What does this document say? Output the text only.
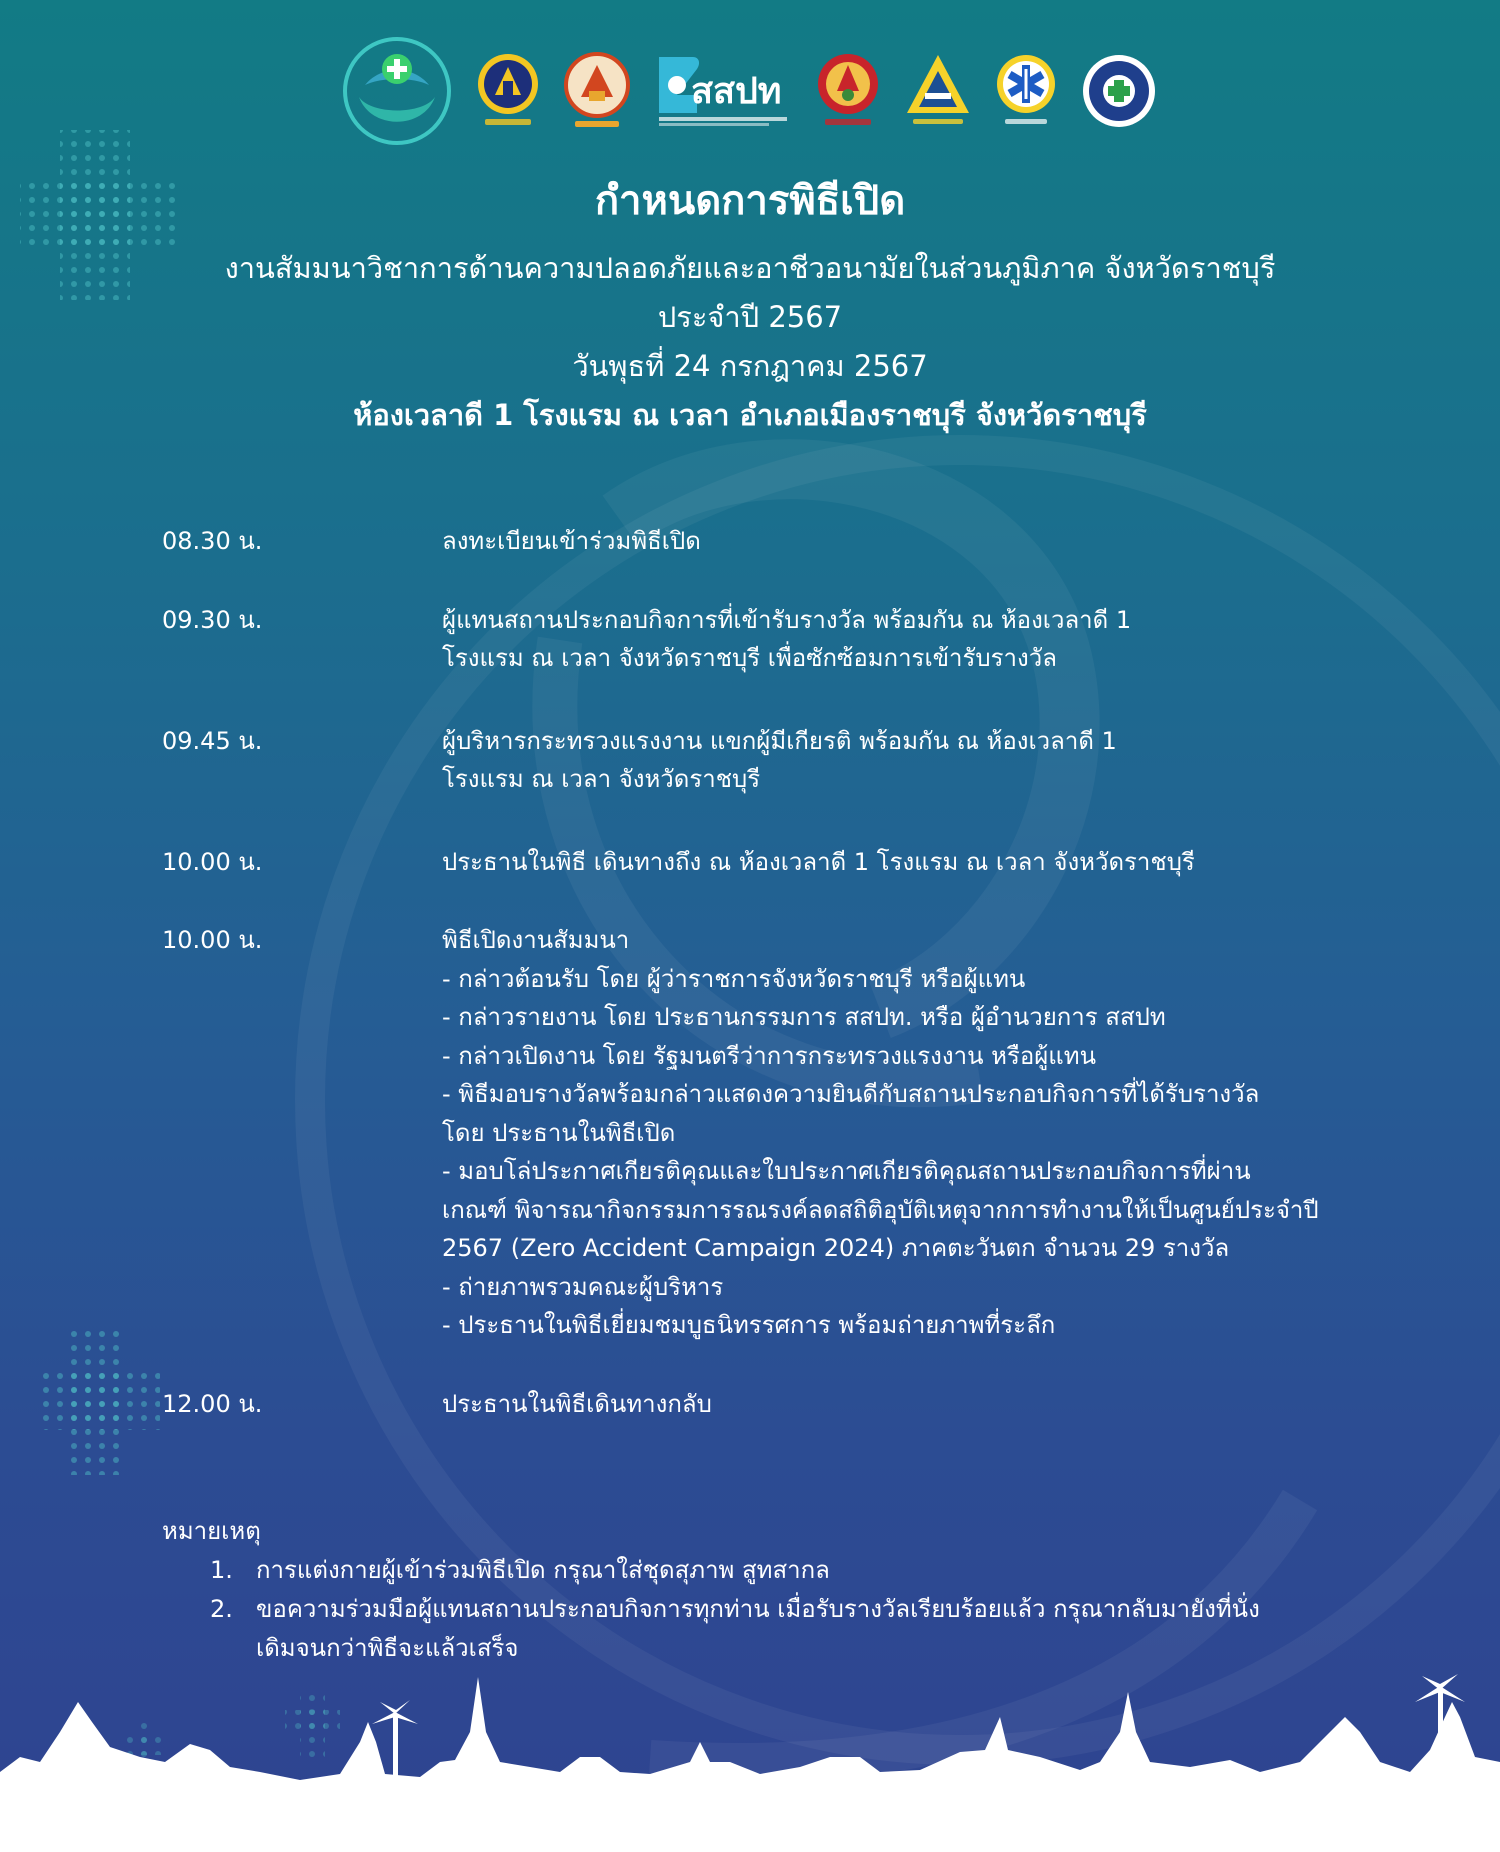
สสปท
กำหนดการพิธีเปิด

งานสัมมนาวิชาการด้านความปลอดภัยและอาชีวอนามัยในส่วนภูมิภาค จังหวัดราชบุรี

ประจำปี 2567

วันพุธที่ 24 กรกฎาคม 2567

ห้องเวลาดี 1 โรงแรม ณ เวลา อำเภอเมืองราชบุรี จังหวัดราชบุรี

08.30 น.	ลงทะเบียนเข้าร่วมพิธีเปิด
09.30 น.	ผู้แทนสถานประกอบกิจการที่เข้ารับรางวัล พร้อมกัน ณ ห้องเวลาดี 1
โรงแรม ณ เวลา จังหวัดราชบุรี เพื่อซักซ้อมการเข้ารับรางวัล
09.45 น.	ผู้บริหารกระทรวงแรงงาน แขกผู้มีเกียรติ พร้อมกัน ณ ห้องเวลาดี 1
โรงแรม ณ เวลา จังหวัดราชบุรี
10.00 น.	ประธานในพิธี เดินทางถึง ณ ห้องเวลาดี 1 โรงแรม ณ เวลา จังหวัดราชบุรี
10.00 น.	พิธีเปิดงานสัมมนา
- กล่าวต้อนรับ โดย ผู้ว่าราชการจังหวัดราชบุรี หรือผู้แทน
- กล่าวรายงาน โดย ประธานกรรมการ สสปท. หรือ ผู้อำนวยการ สสปท
- กล่าวเปิดงาน โดย รัฐมนตรีว่าการกระทรวงแรงงาน หรือผู้แทน
- พิธีมอบรางวัลพร้อมกล่าวแสดงความยินดีกับสถานประกอบกิจการที่ได้รับรางวัล
โดย ประธานในพิธีเปิด
- มอบโล่ประกาศเกียรติคุณและใบประกาศเกียรติคุณสถานประกอบกิจการที่ผ่าน
เกณฑ์ พิจารณากิจกรรมการรณรงค์ลดสถิติอุบัติเหตุจากการทำงานให้เป็นศูนย์ประจำปี
2567 (Zero Accident Campaign 2024) ภาคตะวันตก จำนวน 29 รางวัล
- ถ่ายภาพรวมคณะผู้บริหาร
- ประธานในพิธีเยี่ยมชมบูธนิทรรศการ พร้อมถ่ายภาพที่ระลึก
12.00 น.	ประธานในพิธีเดินทางกลับ
หมายเหตุ
1. การแต่งกายผู้เข้าร่วมพิธีเปิด กรุณาใส่ชุดสุภาพ สูทสากล
2. ขอความร่วมมือผู้แทนสถานประกอบกิจการทุกท่าน เมื่อรับรางวัลเรียบร้อยแล้ว กรุณากลับมายังที่นั่ง
เดิมจนกว่าพิธีจะแล้วเสร็จ
